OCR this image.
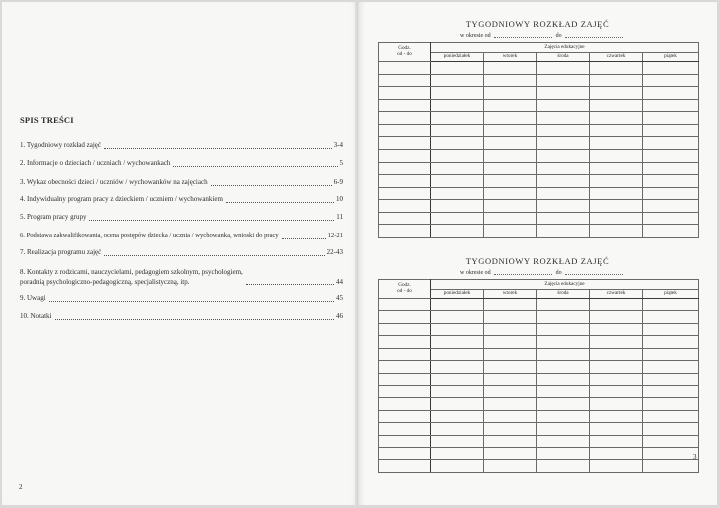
SPIS TREŚCI
1. Tygodniowy rozkład zajęć	3-4
2. Informacje o dzieciach / uczniach / wychowankach	5
3. Wykaz obecności dzieci / uczniów / wychowanków na zajęciach	6-9
4. Indywidualny program pracy z dzieckiem / uczniem / wychowankiem	10
5. Program pracy grupy	11
6. Podstawa zakwalifikowania, ocena postępów dziecka / ucznia / wychowanka, wnioski do pracy	12-21
7. Realizacja programu zajęć	22-43
8. Kontakty z rodzicami, nauczycielami, pedagogiem szkolnym, psychologiem,
poradnią psychologiczno-pedagogiczną, specjalistyczną, itp.	44
9. Uwagi	45
10. Notatki	46
2
TYGODNIOWY ROZKŁAD ZAJĘĆ
w okresie od	do
Godz.
od - do	Zajęcia edukacyjne				
	poniedziałek	wtorek	środa	czwartek	piątek

TYGODNIOWY ROZKŁAD ZAJĘĆ
w okresie od	do
Godz.
od - do	Zajęcia edukacyjne				
	poniedziałek	wtorek	środa	czwartek	piątek

3
